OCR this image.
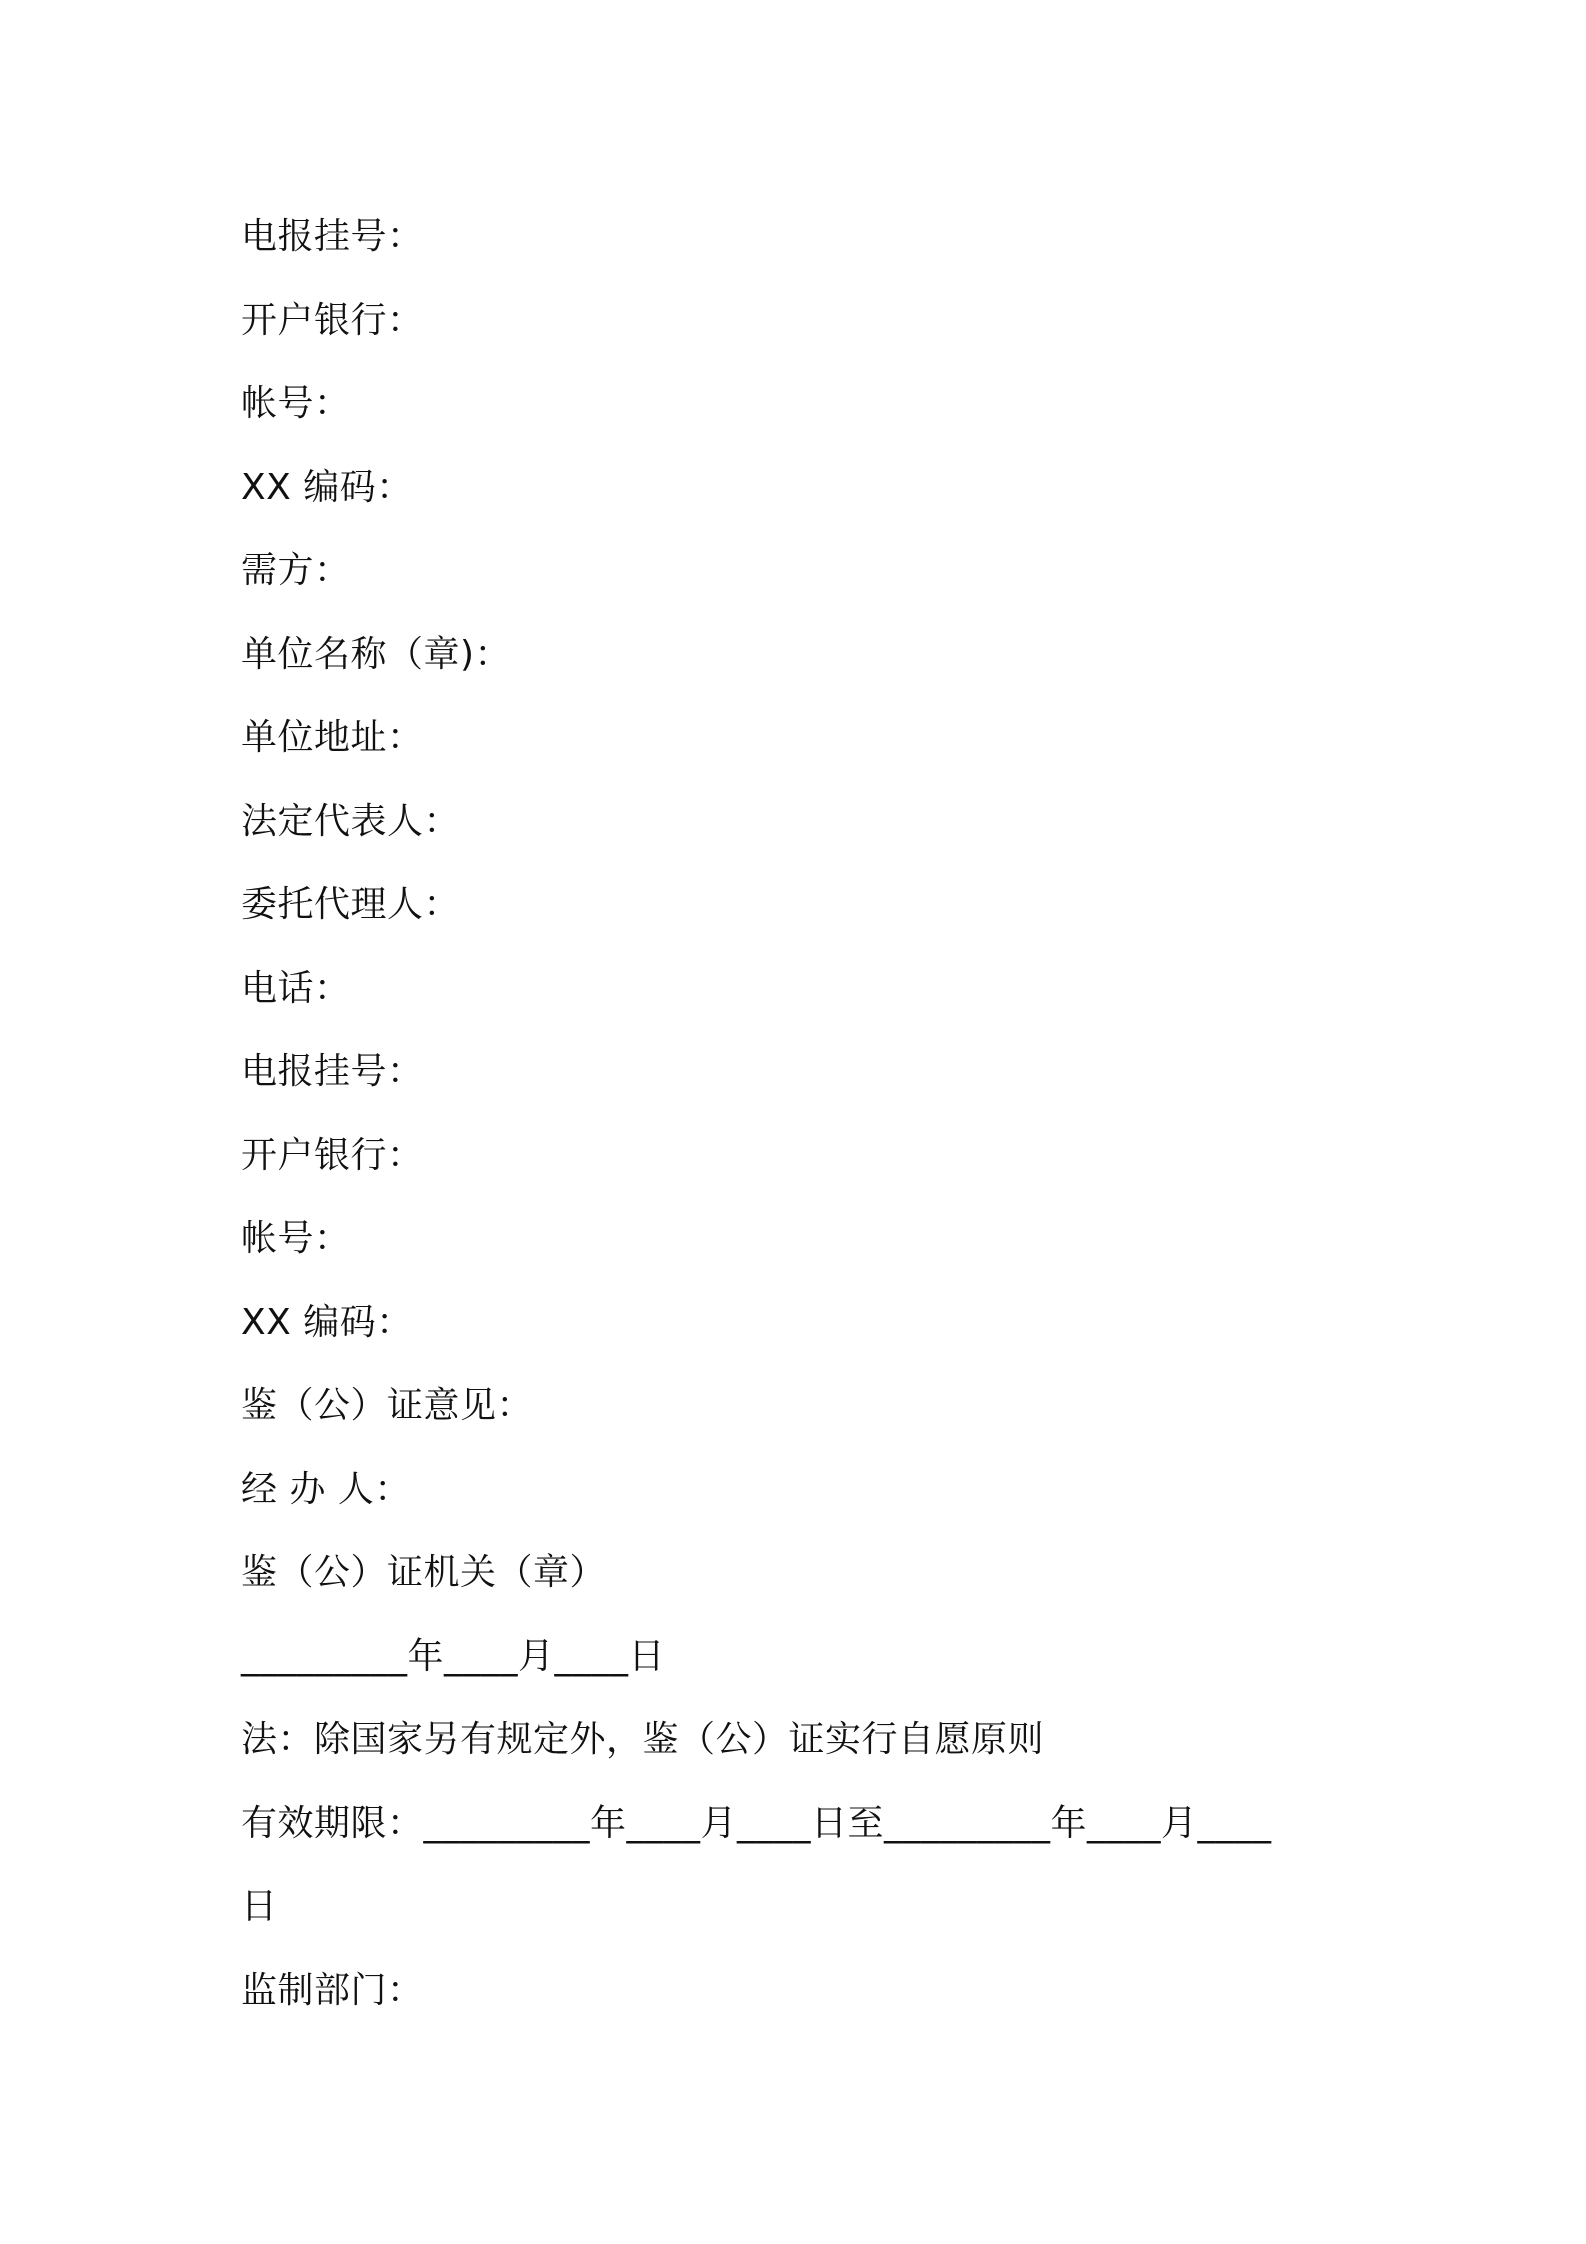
电报挂号：
开户银行：
帐号：
XX 编码：
需方：
单位名称（章)：
单位地址：
法定代表人：
委托代理人：
电话：
电报挂号：
开户银行：
帐号：
XX 编码：
鉴（公）证意见：
经 办 人：
鉴（公）证机关（章）
_________年____月____日
法：除国家另有规定外，鉴（公）证实行自愿原则
有效期限：_________年____月____日至_________年____月____
日
监制部门：
